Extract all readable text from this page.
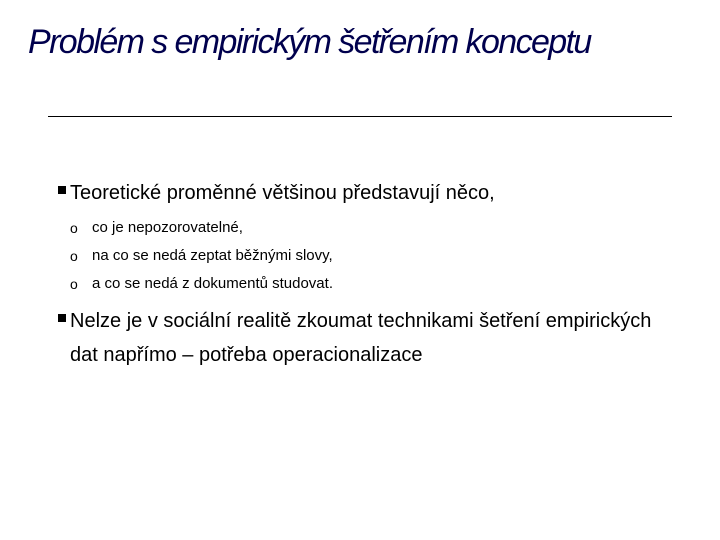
Problém s empirickým šetřením konceptu
Teoretické proměnné většinou představují něco,
o co je nepozorovatelné,
o na co se nedá zeptat běžnými slovy,
o a co se nedá z dokumentů studovat.
Nelze je v sociální realitě zkoumat technikami šetření empirických dat napřímo – potřeba operacionalizace
